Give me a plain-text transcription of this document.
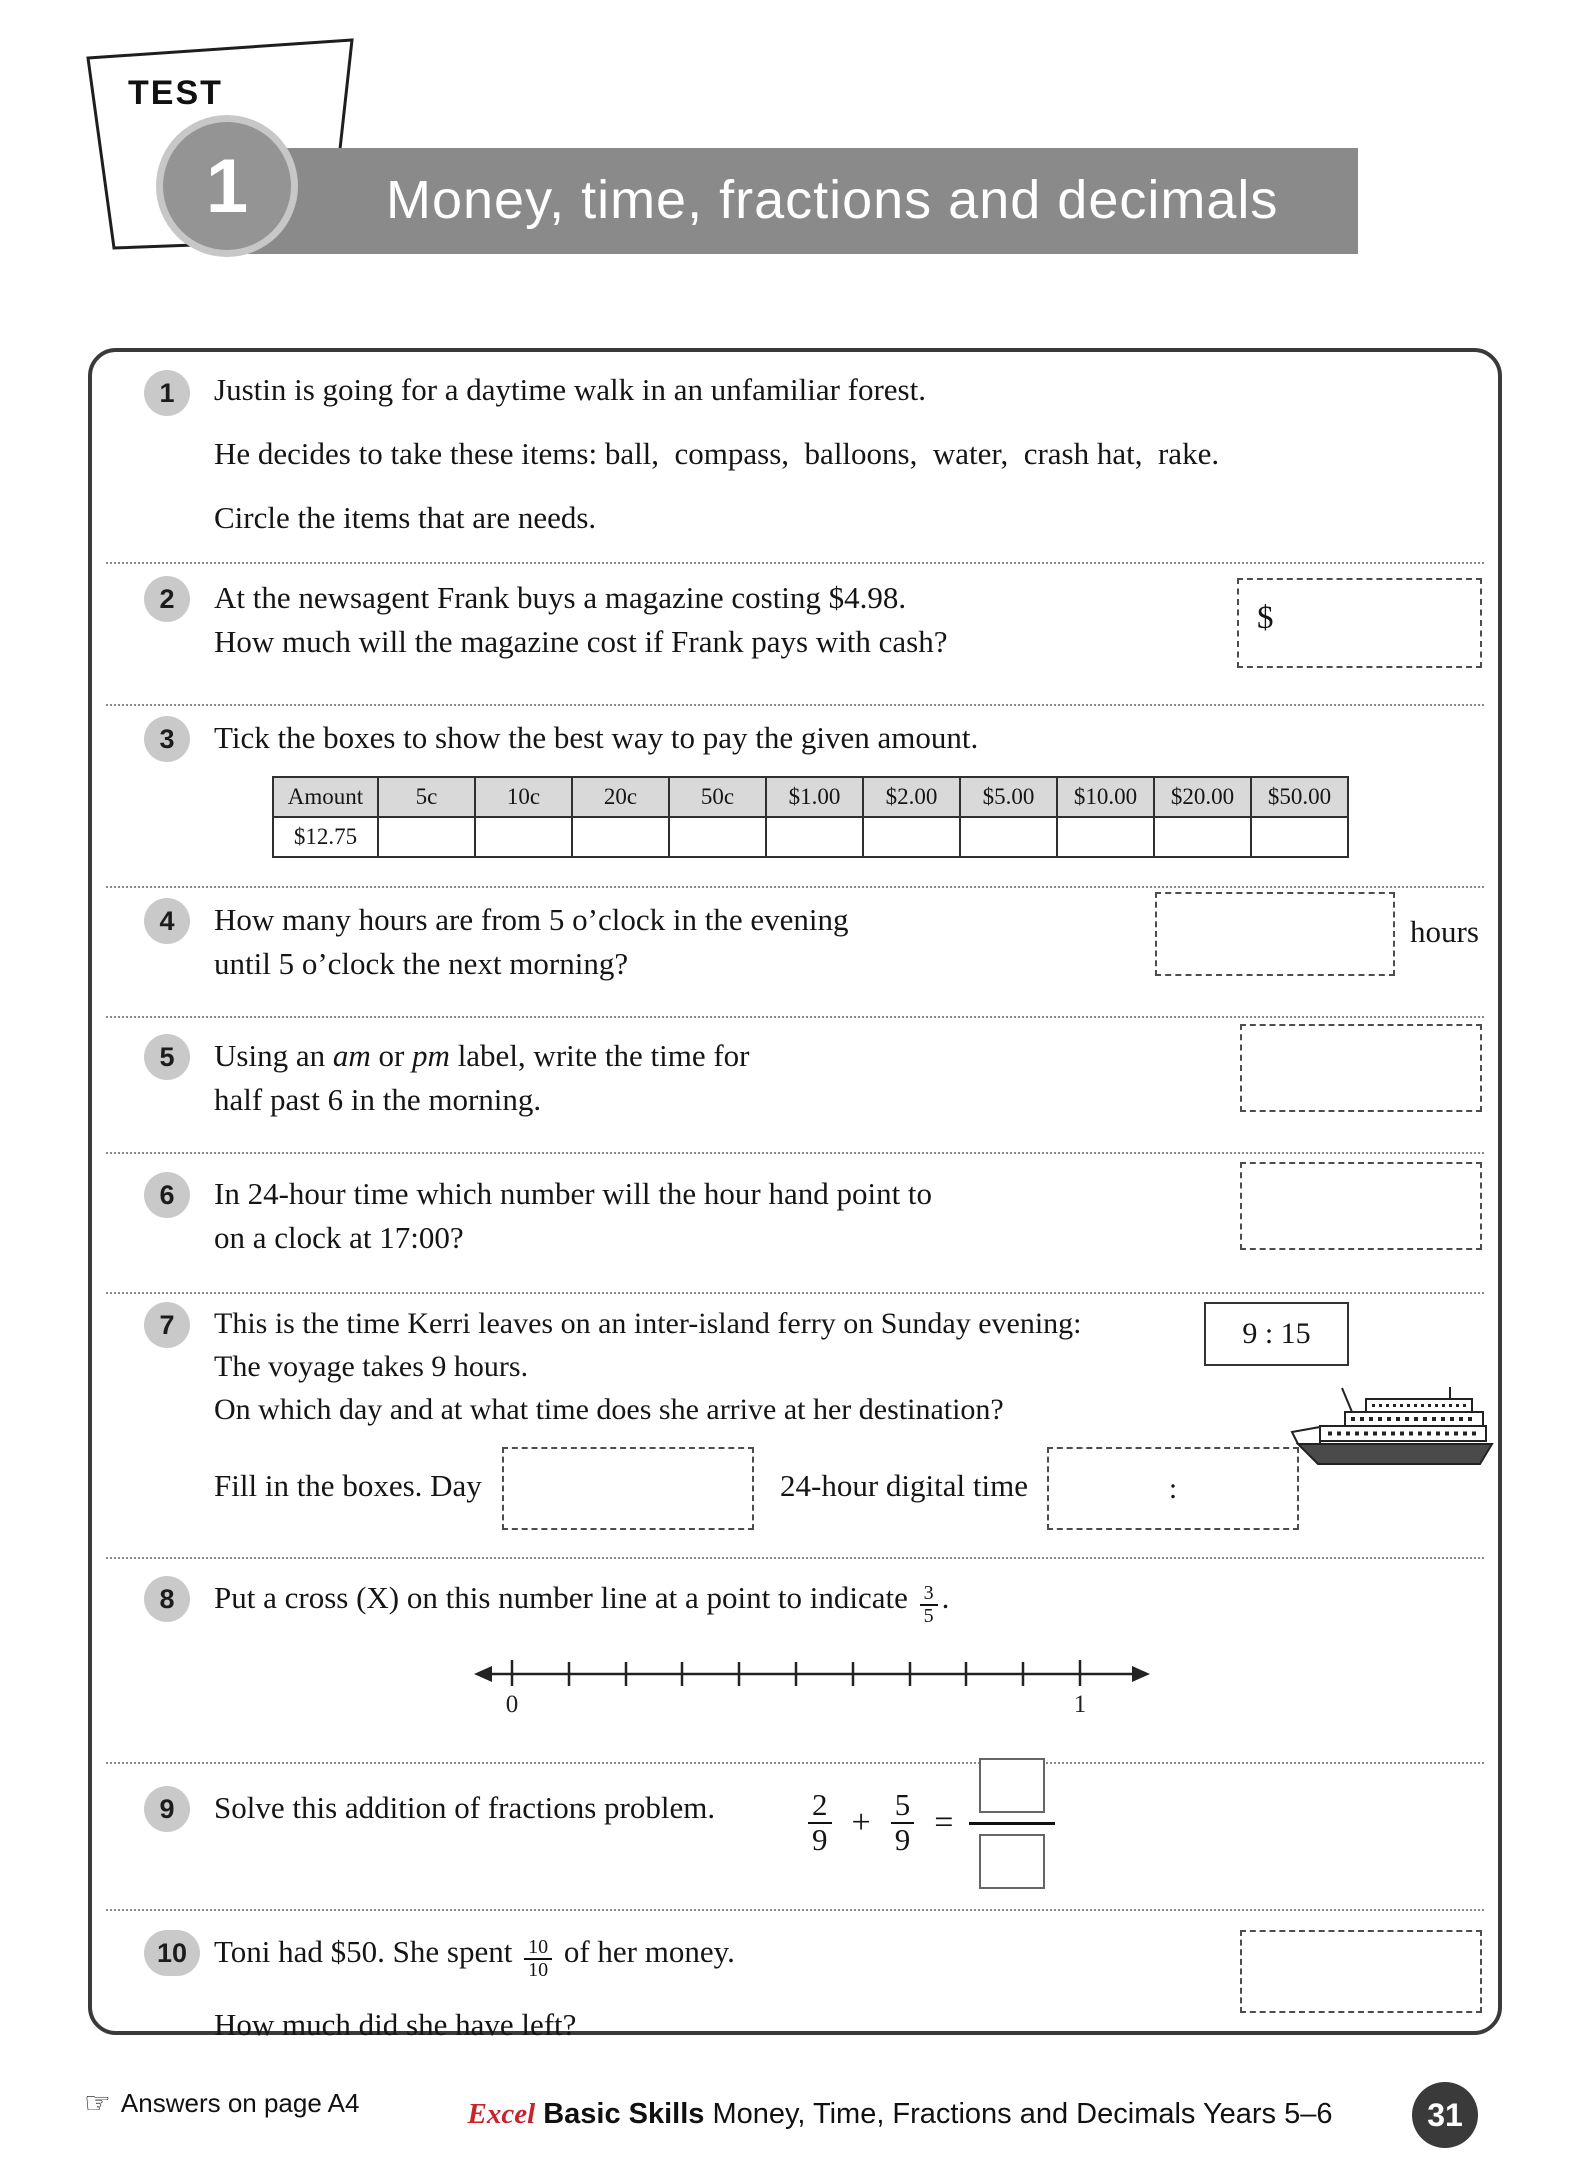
TEST
Money, time, fractions and decimals
1
1	Justin is going for a daytime walk in an unfamiliar forest.

He decides to take these items: ball,  compass,  balloons,  water,  crash hat,  rake.

Circle the items that are needs.

2	At the newsagent Frank buys a magazine costing $4.98.

How much will the magazine cost if Frank pays with cash?

$
3	Tick the boxes to show the best way to pay the given amount.

Amount	5c	10c	20c	50c	$1.00	$2.00	$5.00	$10.00	$20.00	$50.00
$12.75										
4	How many hours are from 5 o’clock in the evening

until 5 o’clock the next morning?

hours
5	Using an am or pm label, write the time for

half past 6 in the morning.

6	In 24-hour time which number will the hour hand point to

on a clock at 17:00?

7	This is the time Kerri leaves on an inter-island ferry on Sunday evening:

The voyage takes 9 hours.

On which day and at what time does she arrive at her destination?

9 : 15
Fill in the boxes. Day	24-hour digital time	:
8	Put a cross (X) on this number line at a point to indicate $\frac{3}{5}$ .

0	1
9	Solve this addition of fractions problem.	$\frac{2}{9} + \frac{5}{9}$ =
10 Toni had $50. She spent $\frac{10}{10}$ of her money.

How much did she have left?

☞ Answers on page A4	Excel Basic Skills Money, Time, Fractions and Decimals Years 5–6	31
